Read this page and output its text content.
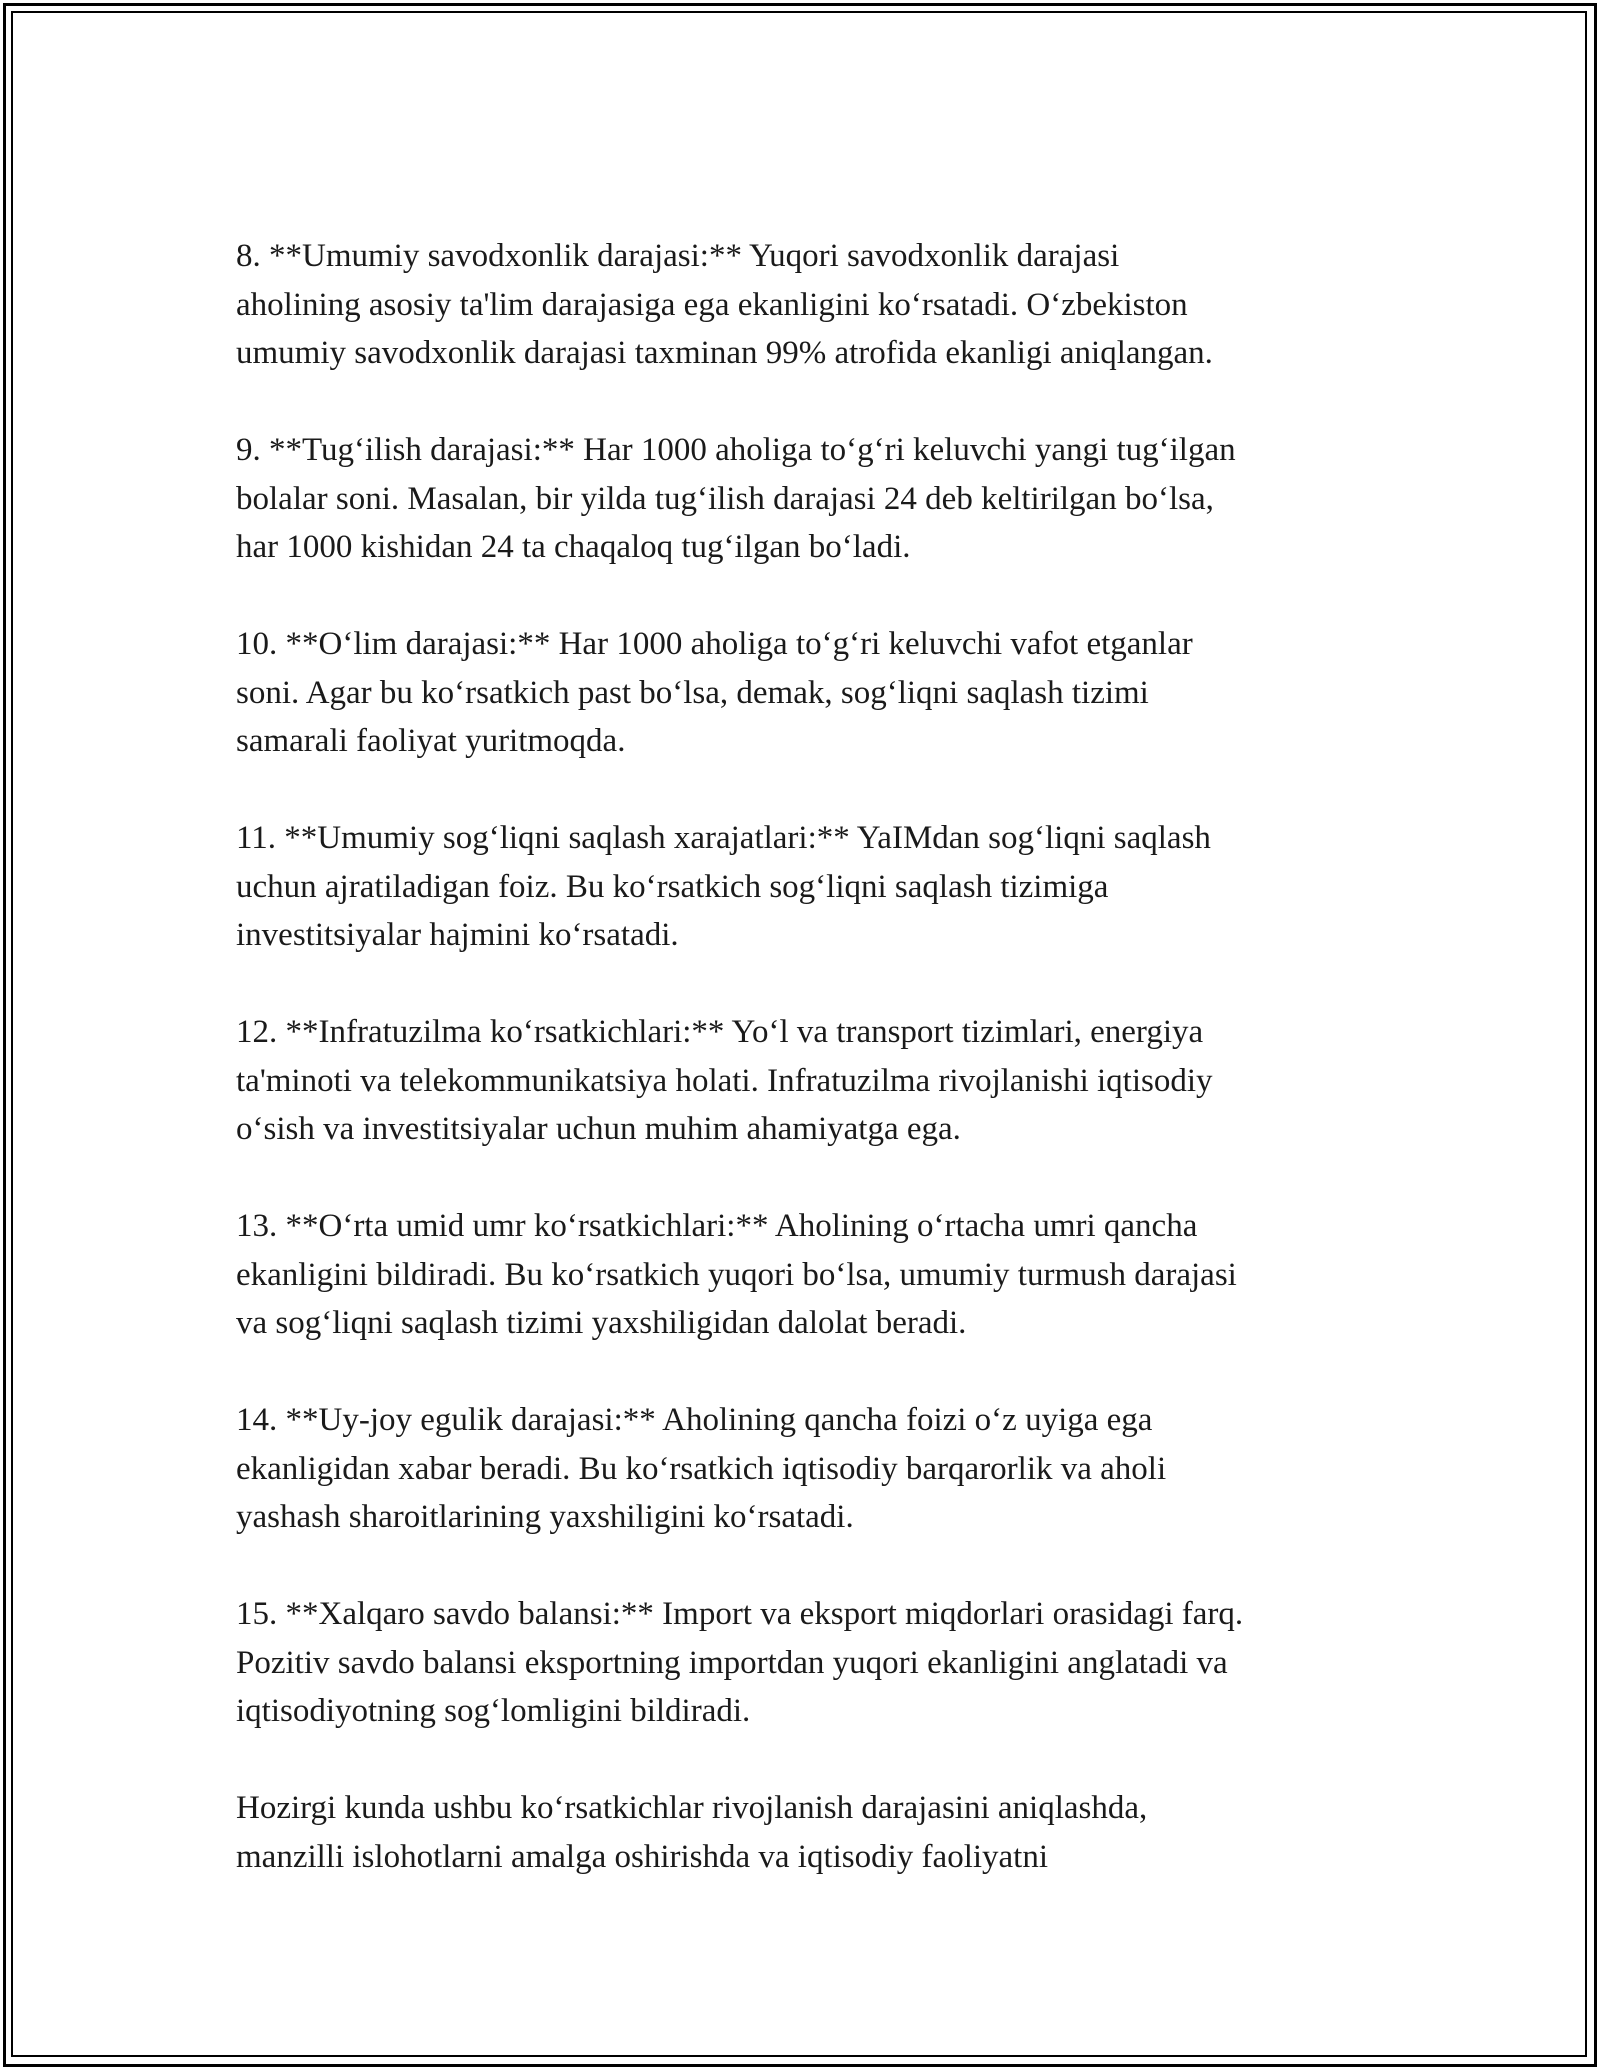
8. **Umumiy savodxonlik darajasi:** Yuqori savodxonlik darajasi
aholining asosiy ta'lim darajasiga ega ekanligini koʻrsatadi. Oʻzbekiston
umumiy savodxonlik darajasi taxminan 99% atrofida ekanligi aniqlangan.

9. **Tugʻilish darajasi:** Har 1000 aholiga toʻgʻri keluvchi yangi tugʻilgan
bolalar soni. Masalan, bir yilda tugʻilish darajasi 24 deb keltirilgan boʻlsa,
har 1000 kishidan 24 ta chaqaloq tugʻilgan boʻladi.

10. **Oʻlim darajasi:** Har 1000 aholiga toʻgʻri keluvchi vafot etganlar
soni. Agar bu koʻrsatkich past boʻlsa, demak, sogʻliqni saqlash tizimi
samarali faoliyat yuritmoqda.

11. **Umumiy sogʻliqni saqlash xarajatlari:** YaIMdan sogʻliqni saqlash
uchun ajratiladigan foiz. Bu koʻrsatkich sogʻliqni saqlash tizimiga
investitsiyalar hajmini koʻrsatadi.

12. **Infratuzilma koʻrsatkichlari:** Yoʻl va transport tizimlari, energiya
ta'minoti va telekommunikatsiya holati. Infratuzilma rivojlanishi iqtisodiy
oʻsish va investitsiyalar uchun muhim ahamiyatga ega.

13. **Oʻrta umid umr koʻrsatkichlari:** Aholining oʻrtacha umri qancha
ekanligini bildiradi. Bu koʻrsatkich yuqori boʻlsa, umumiy turmush darajasi
va sogʻliqni saqlash tizimi yaxshiligidan dalolat beradi.

14. **Uy-joy egulik darajasi:** Aholining qancha foizi oʻz uyiga ega
ekanligidan xabar beradi. Bu koʻrsatkich iqtisodiy barqarorlik va aholi
yashash sharoitlarining yaxshiligini koʻrsatadi.

15. **Xalqaro savdo balansi:** Import va eksport miqdorlari orasidagi farq.
Pozitiv savdo balansi eksportning importdan yuqori ekanligini anglatadi va
iqtisodiyotning sogʻlomligini bildiradi.

Hozirgi kunda ushbu koʻrsatkichlar rivojlanish darajasini aniqlashda,
manzilli islohotlarni amalga oshirishda va iqtisodiy faoliyatni
